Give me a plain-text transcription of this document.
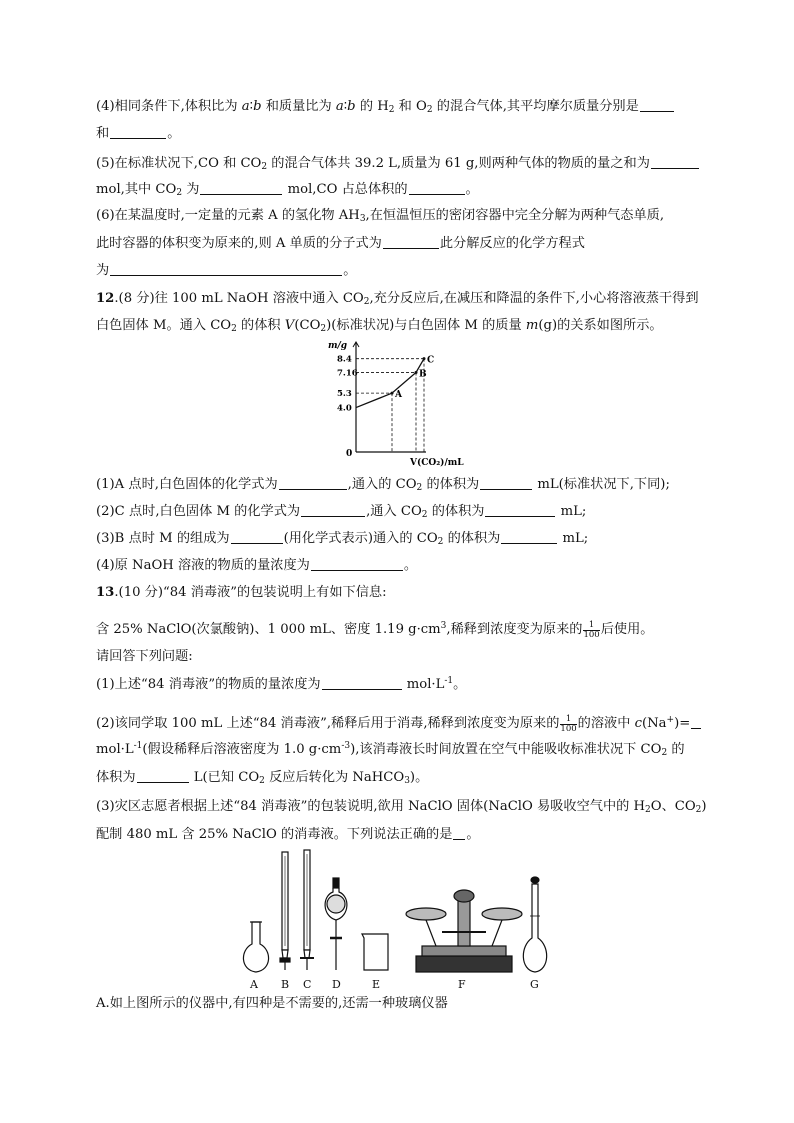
(4)相同条件下,体积比为 a∶b 和质量比为 a∶b 的 $H_2$ 和 $O_2$ 的混合气体,其平均摩尔质量分别是
和	。
(5)在标准状况下,CO 和 $CO_2$ 的混合气体共 39.2 L,质量为 61 g,则两种气体的物质的量之和为
mol,其中 $CO_2$ 为	mol,CO 占总体积的	。
(6)在某温度时,一定量的元素 A 的氢化物 $AH_3$,在恒温恒压的密闭容器中完全分解为两种气态单质,
此时容器的体积变为原来的,则 A 单质的分子式为	此分解反应的化学方程式
为	。
12.(8 分)往 100 mL NaOH 溶液中通入 $CO_2$,充分反应后,在减压和降温的条件下,小心将溶液蒸干得到
白色固体 M。通入 $CO_2$ 的体积 $V(CO_2)$(标准状况)与白色固体 M 的质量 m(g)的关系如图所示。
m/g
V(CO₂)/mL
0
4.0
5.3	A
7.16	B
8.4	C
(1)A 点时,白色固体的化学式为	,通入的 $CO_2$ 的体积为	mL(标准状况下,下同);
(2)C 点时,白色固体 M 的化学式为	,通入 $CO_2$ 的体积为	mL;
(3)B 点时 M 的组成为	(用化学式表示)通入的 $CO_2$ 的体积为	mL;
(4)原 NaOH 溶液的物质的量浓度为	。
13.(10 分)“84 消毒液”的包装说明上有如下信息:
含 25% NaClO(次氯酸钠)、1 000 mL、密度 1.19 $g\cdot cm^3$,稀释到浓度变为原来的 $\frac{1}{100}$ 后使用。
请回答下列问题:
(1)上述“84 消毒液”的物质的量浓度为	$mol\cdot L^{-1}$。
(2)该同学取 100 mL 上述“84 消毒液”,稀释后用于消毒,稀释到浓度变为原来的 $\frac{1}{100}$ 的溶液中 c(Na+)=
$mol\cdot L^{-1}$(假设稀释后溶液密度为 1.0 $g\cdot cm^{-3}$),该消毒液长时间放置在空气中能吸收标准状况下 $CO_2$ 的
体积为	L(已知 $CO_2$ 反应后转化为 NaHCO$_3$)。
(3)灾区志愿者根据上述“84 消毒液”的包装说明,欲用 NaClO 固体(NaClO 易吸收空气中的 $H_2O$、$CO_2$)
配制 480 mL 含 25% NaClO 的消毒液。下列说法正确的是 。
A B C D	E	F	G
A.如上图所示的仪器中,有四种是不需要的,还需一种玻璃仪器
